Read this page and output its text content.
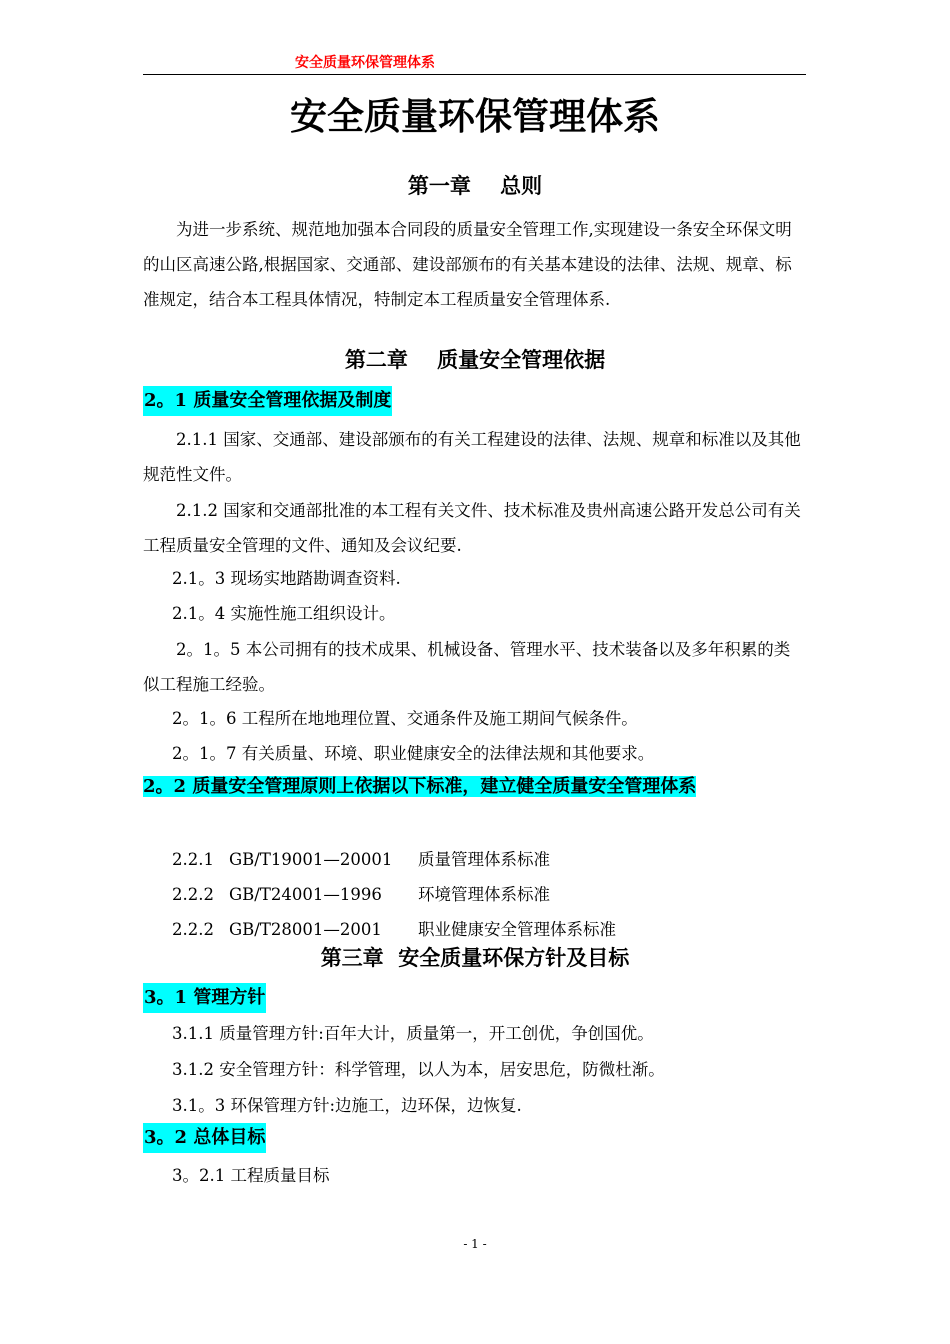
安全质量环保管理体系
安全质量环保管理体系
第一章    总则
为进一步系统、规范地加强本合同段的质量安全管理工作,实现建设一条安全环保文明的山区高速公路,根据国家、交通部、建设部颁布的有关基本建设的法律、法规、规章、标准规定，结合本工程具体情况，特制定本工程质量安全管理体系.
第二章    质量安全管理依据
2。1 质量安全管理依据及制度
2.1.1 国家、交通部、建设部颁布的有关工程建设的法律、法规、规章和标准以及其他规范性文件。
2.1.2 国家和交通部批准的本工程有关文件、技术标准及贵州高速公路开发总公司有关工程质量安全管理的文件、通知及会议纪要.
2.1。3 现场实地踏勘调查资料.
2.1。4 实施性施工组织设计。
2。1。5 本公司拥有的技术成果、机械设备、管理水平、技术装备以及多年积累的类似工程施工经验。
2。1。6 工程所在地地理位置、交通条件及施工期间气候条件。
2。1。7 有关质量、环境、职业健康安全的法律法规和其他要求。
2。2 质量安全管理原则上依据以下标准，建立健全质量安全管理体系
2.2.1 GB/T19001—20001 质量管理体系标准
2.2.2 GB/T24001—1996 环境管理体系标准
2.2.2 GB/T28001—2001 职业健康安全管理体系标准
第三章  安全质量环保方针及目标
3。1 管理方针
3.1.1 质量管理方针:百年大计，质量第一，开工创优，争创国优。
3.1.2 安全管理方针：科学管理，以人为本，居安思危，防微杜渐。
3.1。3 环保管理方针:边施工，边环保，边恢复.
3。2 总体目标
3。2.1 工程质量目标
- 1 -
